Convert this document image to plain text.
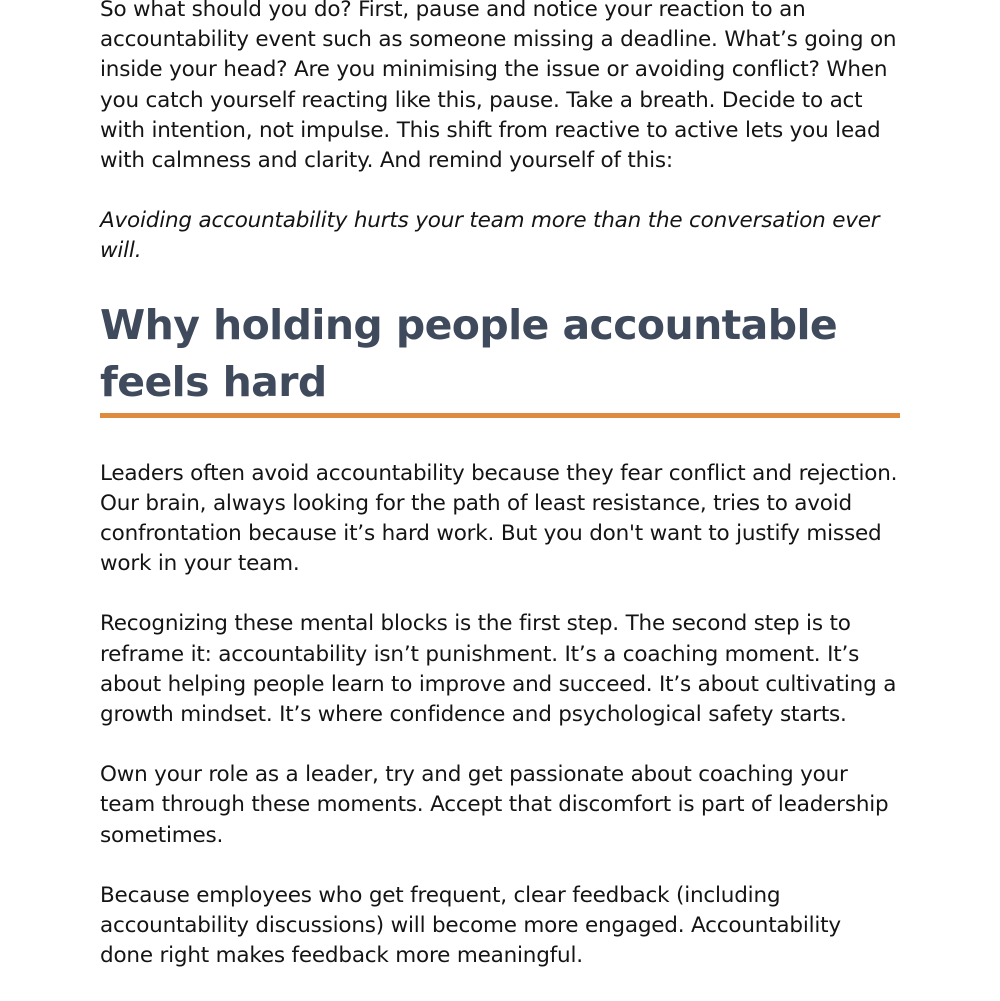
So what should you do? First, pause and notice your reaction to an accountability event such as someone missing a deadline. What’s going on inside your head? Are you minimising the issue or avoiding conflict? When you catch yourself reacting like this, pause. Take a breath. Decide to act with intention, not impulse. This shift from reactive to active lets you lead with calmness and clarity. And remind yourself of this:

Avoiding accountability hurts your team more than the conversation ever will.

Why holding people accountable feels hard

Leaders often avoid accountability because they fear conflict and rejection. Our brain, always looking for the path of least resistance, tries to avoid confrontation because it’s hard work. But you don't want to justify missed work in your team.

Recognizing these mental blocks is the first step. The second step is to reframe it: accountability isn’t punishment. It’s a coaching moment. It’s about helping people learn to improve and succeed. It’s about cultivating a growth mindset. It’s where confidence and psychological safety starts.

Own your role as a leader, try and get passionate about coaching your team through these moments. Accept that discomfort is part of leadership sometimes.

Because employees who get frequent, clear feedback (including accountability discussions) will become more engaged. Accountability done right makes feedback more meaningful.
